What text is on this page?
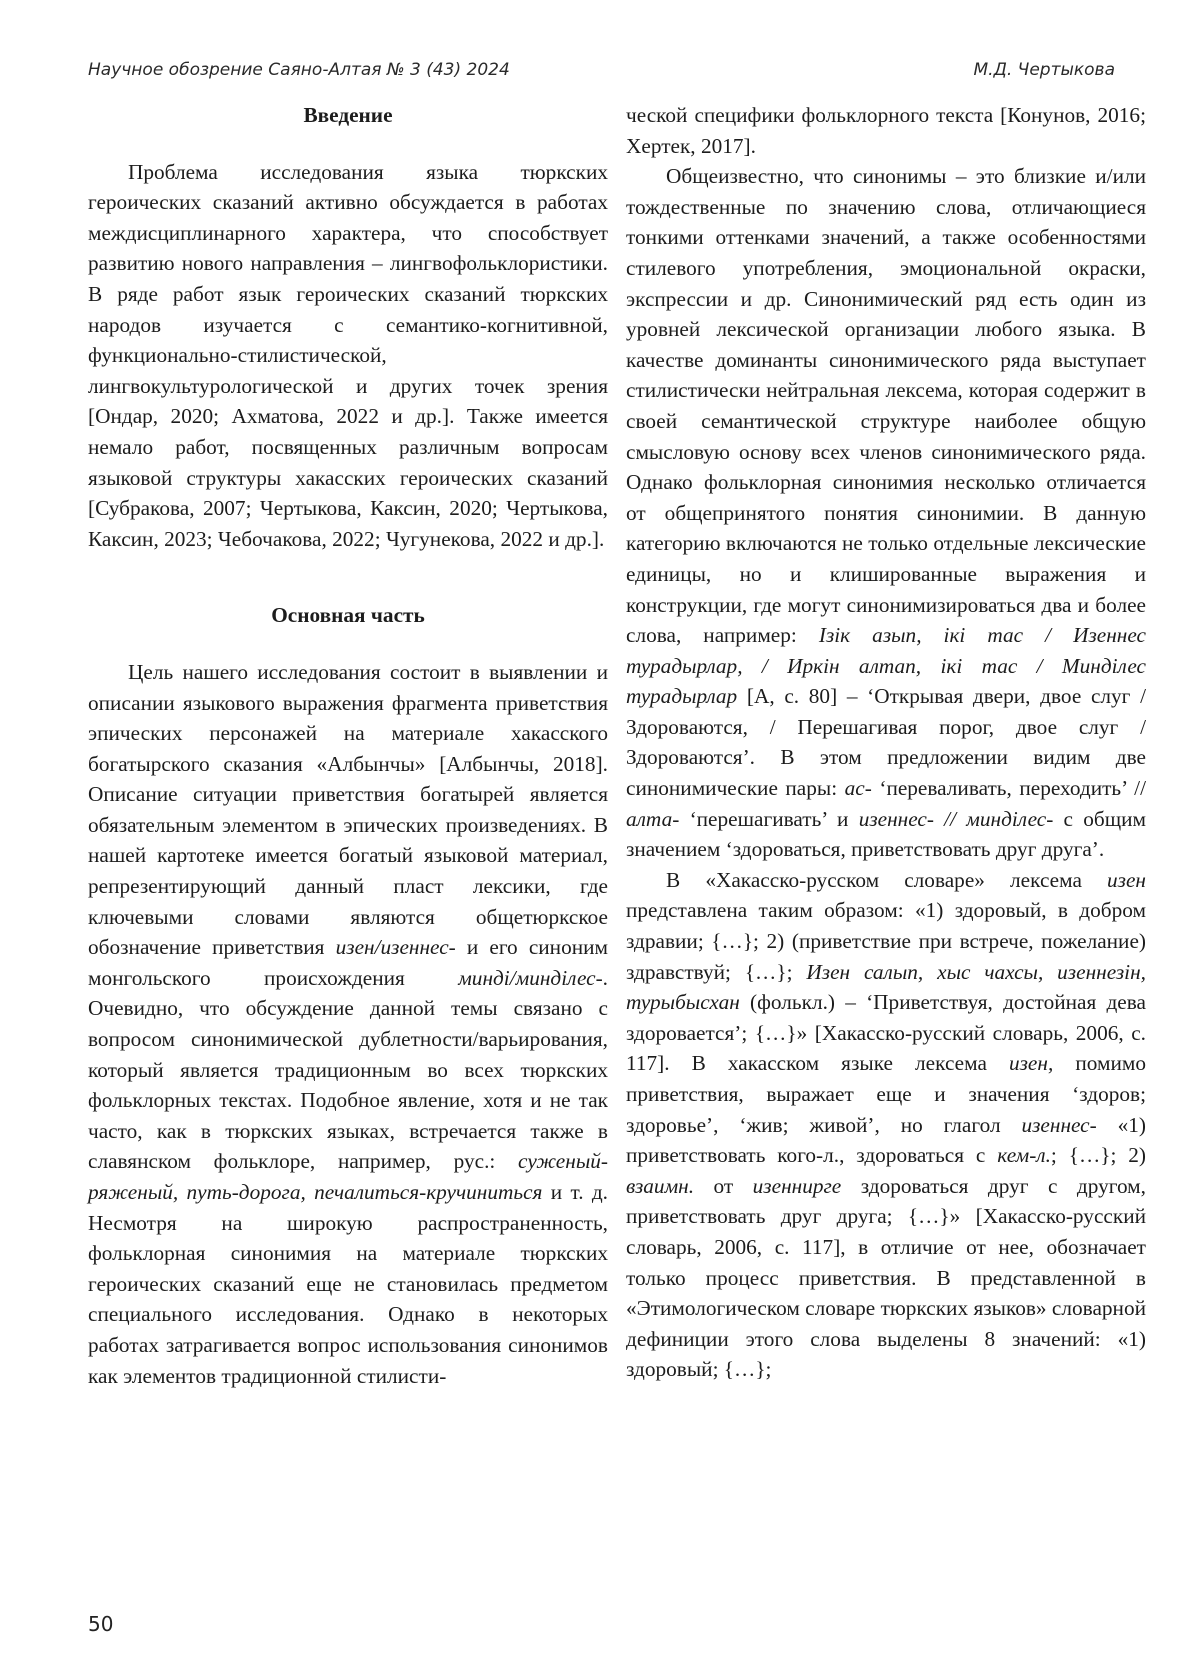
Научное обозрение Саяно-Алтая № 3 (43) 2024	М.Д. Чертыкова
Введение

Проблема исследования языка тюркских героических сказаний активно обсуждается в работах междисциплинарного характера, что способствует развитию нового направления – лингвофольклористики. В ряде работ язык героических сказаний тюркских народов изучается с семантико-когнитивной, функционально-стилистической, лингвокультурологической и других точек зрения [Ондар, 2020; Ахматова, 2022 и др.]. Также имеется немало работ, посвященных различным вопросам языковой структуры хакасских героических сказаний [Субракова, 2007; Чертыкова, Каксин, 2020; Чертыкова, Каксин, 2023; Чебочакова, 2022; Чугунекова, 2022 и др.].

Основная часть

Цель нашего исследования состоит в выявлении и описании языкового выражения фрагмента приветствия эпических персонажей на материале хакасского богатырского сказания «Албынчы» [Албынчы, 2018]. Описание ситуации приветствия богатырей является обязательным элементом в эпических произведениях. В нашей картотеке имеется богатый языковой материал, репрезентирующий данный пласт лексики, где ключевыми словами являются общетюркское обозначение приветствия изен/изеннес- и его синоним монгольского происхождения минді/минділес-. Очевидно, что обсуждение данной темы связано с вопросом синонимической дублетности/варьирования, который является традиционным во всех тюркских фольклорных текстах. Подобное явление, хотя и не так часто, как в тюркских языках, встречается также в славянском фольклоре, например, рус.: суженый-ряженый, путь-дорога, печалиться-кручиниться и т. д. Несмотря на широкую распространенность, фольклорная синонимия на материале тюркских героических сказаний еще не становилась предметом специального исследования. Однако в некоторых работах затрагивается вопрос использования синонимов как элементов традиционной стилисти-

ческой специфики фольклорного текста [Конунов, 2016; Хертек, 2017].

Общеизвестно, что синонимы – это близкие и/или тождественные по значению слова, отличающиеся тонкими оттенками значений, а также особенностями стилевого употребления, эмоциональной окраски, экспрессии и др. Синонимический ряд есть один из уровней лексической организации любого языка. В качестве доминанты синонимического ряда выступает стилистически нейтральная лексема, которая содержит в своей семантической структуре наиболее общую смысловую основу всех членов синонимического ряда. Однако фольклорная синонимия несколько отличается от общепринятого понятия синонимии. В данную категорию включаются не только отдельные лексические единицы, но и клишированные выражения и конструкции, где могут синонимизироваться два и более слова, например: Ізік азып, ікі тас / Изеннес турадырлар, / Иркін алтап, ікі тас / Минділес турадырлар [А, с. 80] – ‘Открывая двери, двое слуг / Здороваются, / Перешагивая порог, двое слуг / Здороваются’. В этом предложении видим две синонимические пары: ас- ‘переваливать, переходить’ // алта- ‘перешагивать’ и изеннес- // минділес- с общим значением ‘здороваться, приветствовать друг друга’.

В «Хакасско-русском словаре» лексема изен представлена таким образом: «1) здоровый, в добром здравии; {…}; 2) (приветствие при встрече, пожелание) здравствуй; {…}; Изен салып, хыс чахсы, изеннезін, турыбысхан (фолькл.) – ‘Приветствуя, достойная дева здоровается’; {…}» [Хакасско-русский словарь, 2006, с. 117]. В хакасском языке лексема изен, помимо приветствия, выражает еще и значения ‘здоров; здоровье’, ‘жив; живой’, но глагол изеннес- «1) приветствовать кого-л., здороваться с кем-л.; {…}; 2) взаимн. от изеннирге здороваться друг с другом, приветствовать друг друга; {…}» [Хакасско-русский словарь, 2006, с. 117], в отличие от нее, обозначает только процесс приветствия. В представленной в «Этимологическом словаре тюркских языков» словарной дефиниции этого слова выделены 8 значений: «1) здоровый; {…};

50
